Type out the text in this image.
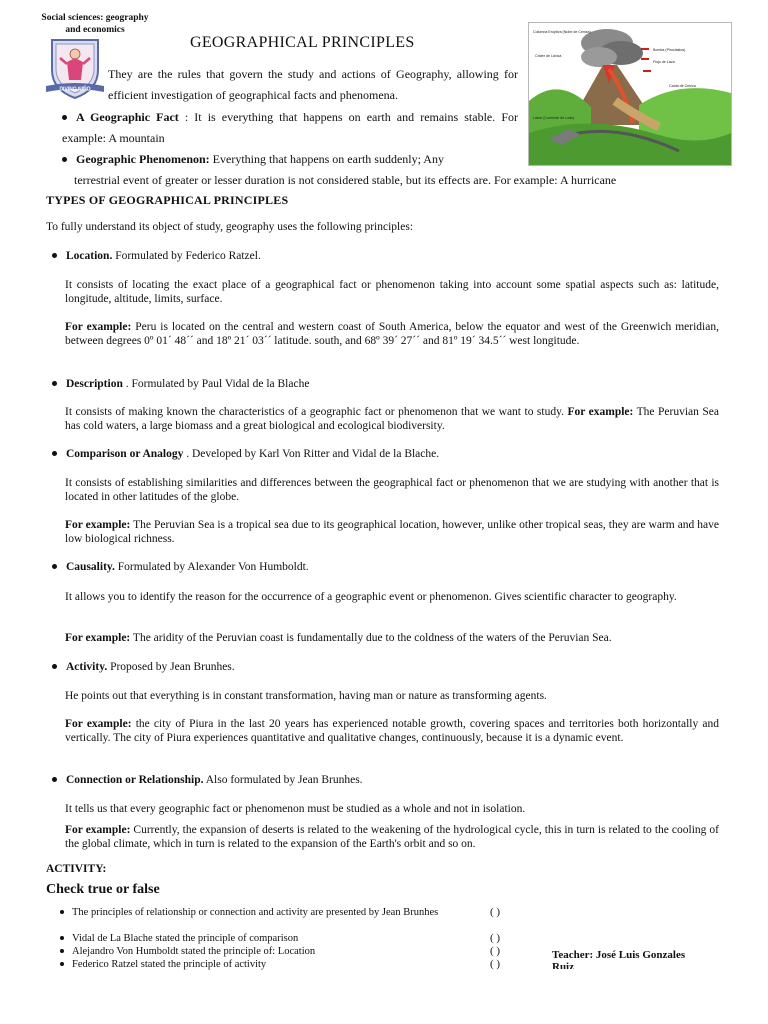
Social sciences: geography
and economics
DIVINO NIÑO
GEOGRAPHICAL PRINCIPLES
They are the rules that govern the study and actions of Geography, allowing for efficient investigation of geographical facts and phenomena.
Columna Eruptiva (Nube de Ceniza)
Cráter de Lávica
Bomba (Piroclastos)
Flujo de Lava
Caída de Ceniza
Lahar (Corriente de Lodo)
A Geographic Fact : It is everything that happens on earth and remains stable. For example: A mountain
Geographic Phenomenon: Everything that happens on earth suddenly; Any
terrestrial event of greater or lesser duration is not considered stable, but its effects are. For example: A hurricane
TYPES OF GEOGRAPHICAL PRINCIPLES
To fully understand its object of study, geography uses the following principles:
Location. Formulated by Federico Ratzel.
It consists of locating the exact place of a geographical fact or phenomenon taking into account some spatial aspects such as: latitude, longitude, altitude, limits, surface.
For example: Peru is located on the central and western coast of South America, below the equator and west of the Greenwich meridian, between degrees 0º 01´ 48´´ and 18º 21´ 03´´ latitude. south, and 68º 39´ 27´´ and 81º 19´ 34.5´´ west longitude.
Description . Formulated by Paul Vidal de la Blache
It consists of making known the characteristics of a geographic fact or phenomenon that we want to study. For example: The Peruvian Sea has cold waters, a large biomass and a great biological and ecological biodiversity.
Comparison or Analogy . Developed by Karl Von Ritter and Vidal de la Blache.
It consists of establishing similarities and differences between the geographical fact or phenomenon that we are studying with another that is located in other latitudes of the globe.
For example: The Peruvian Sea is a tropical sea due to its geographical location, however, unlike other tropical seas, they are warm and have low biological richness.
Causality. Formulated by Alexander Von Humboldt.
It allows you to identify the reason for the occurrence of a geographic event or phenomenon. Gives scientific character to geography.
For example: The aridity of the Peruvian coast is fundamentally due to the coldness of the waters of the Peruvian Sea.
Activity. Proposed by Jean Brunhes.
He points out that everything is in constant transformation, having man or nature as transforming agents.
For example: the city of Piura in the last 20 years has experienced notable growth, covering spaces and territories both horizontally and vertically. The city of Piura experiences quantitative and qualitative changes, continuously, because it is a dynamic event.
Connection or Relationship. Also formulated by Jean Brunhes.
It tells us that every geographic fact or phenomenon must be studied as a whole and not in isolation.
For example: Currently, the expansion of deserts is related to the weakening of the hydrological cycle, this in turn is related to the cooling of the global climate, which in turn is related to the expansion of the Earth's orbit and so on.
ACTIVITY:
Check true or false
The principles of relationship or connection and activity are presented by Jean Brunhes
Vidal de La Blache stated the principle of comparison
Alejandro Von Humboldt stated the principle of: Location
Federico Ratzel stated the principle of activity
( )
( )
( )
( )
Teacher: José Luis Gonzales
Ruiz
